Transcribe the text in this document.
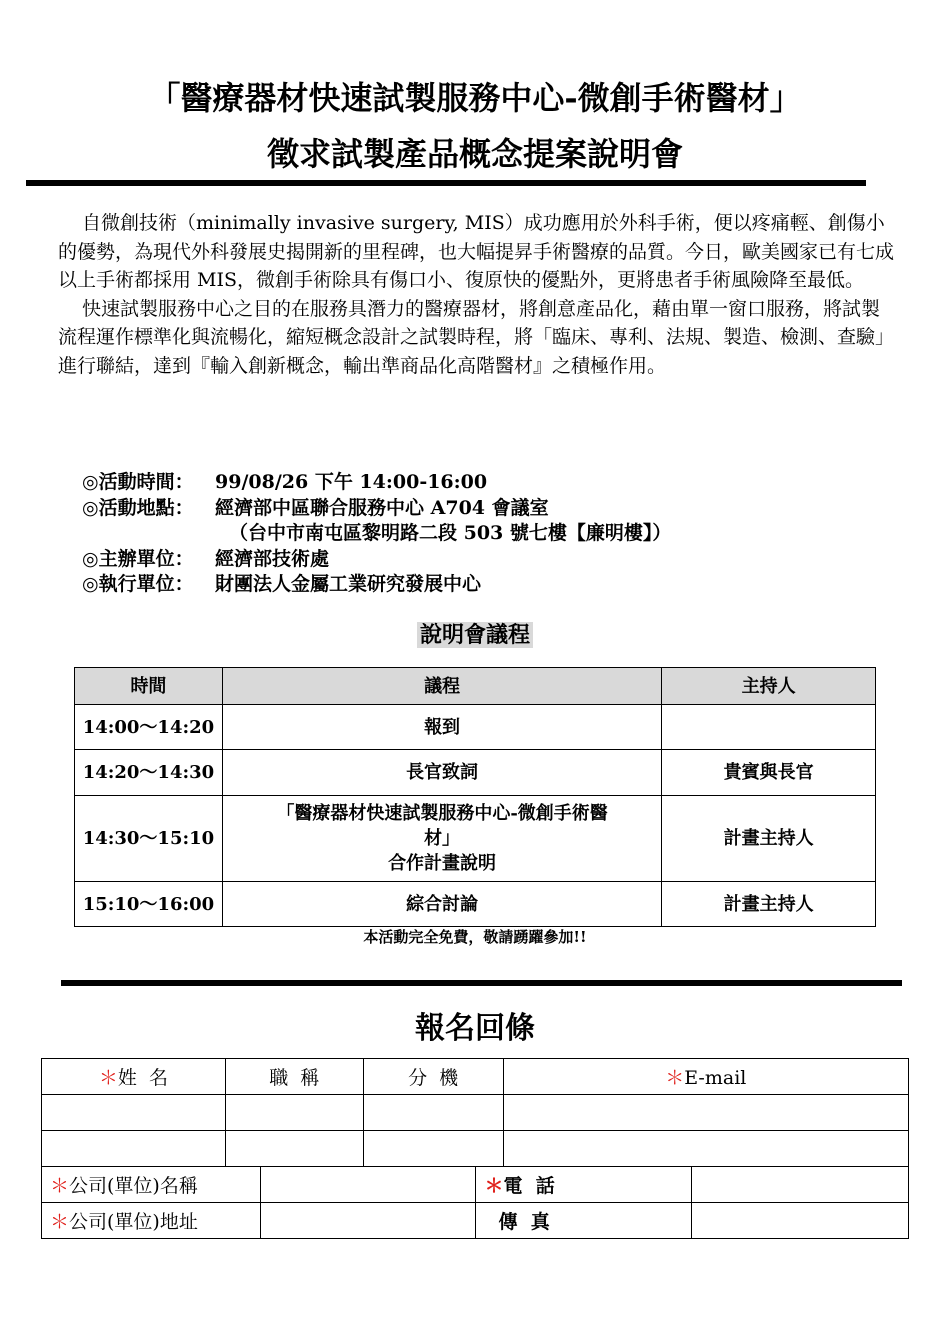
「醫療器材快速試製服務中心-微創手術醫材」
徵求試製產品概念提案說明會

自微創技術（minimally invasive surgery, MIS）成功應用於外科手術，便以疼痛輕、創傷小的優勢，為現代外科發展史揭開新的里程碑，也大幅提昇手術醫療的品質。今日，歐美國家已有七成以上手術都採用 MIS，微創手術除具有傷口小、復原快的優點外，更將患者手術風險降至最低。

快速試製服務中心之目的在服務具潛力的醫療器材，將創意產品化，藉由單一窗口服務，將試製流程運作標準化與流暢化，縮短概念設計之試製時程，將「臨床、專利、法規、製造、檢測、查驗」進行聯結，達到『輸入創新概念，輸出準商品化高階醫材』之積極作用。

◎活動時間：	99/08/26 下午 14:00-16:00
◎活動地點：	經濟部中區聯合服務中心 A704 會議室
（台中市南屯區黎明路二段 503 號七樓【廉明樓】）
◎主辦單位：	經濟部技術處
◎執行單位：	財團法人金屬工業研究發展中心
說明會議程
時間	議程	主持人
14:00～14:20	報到	
14:20～14:30	長官致詞	貴賓與長官
14:30～15:10	「醫療器材快速試製服務中心-微創手術醫
材」
合作計畫說明	計畫主持人
15:10～16:00	綜合討論	計畫主持人
本活動完全免費，敬請踴躍參加!!
報名回條
＊姓  名	職  稱	分  機	＊E-mail

＊公司(單位)名稱		＊電  話	
＊公司(單位)地址		傳  真	
